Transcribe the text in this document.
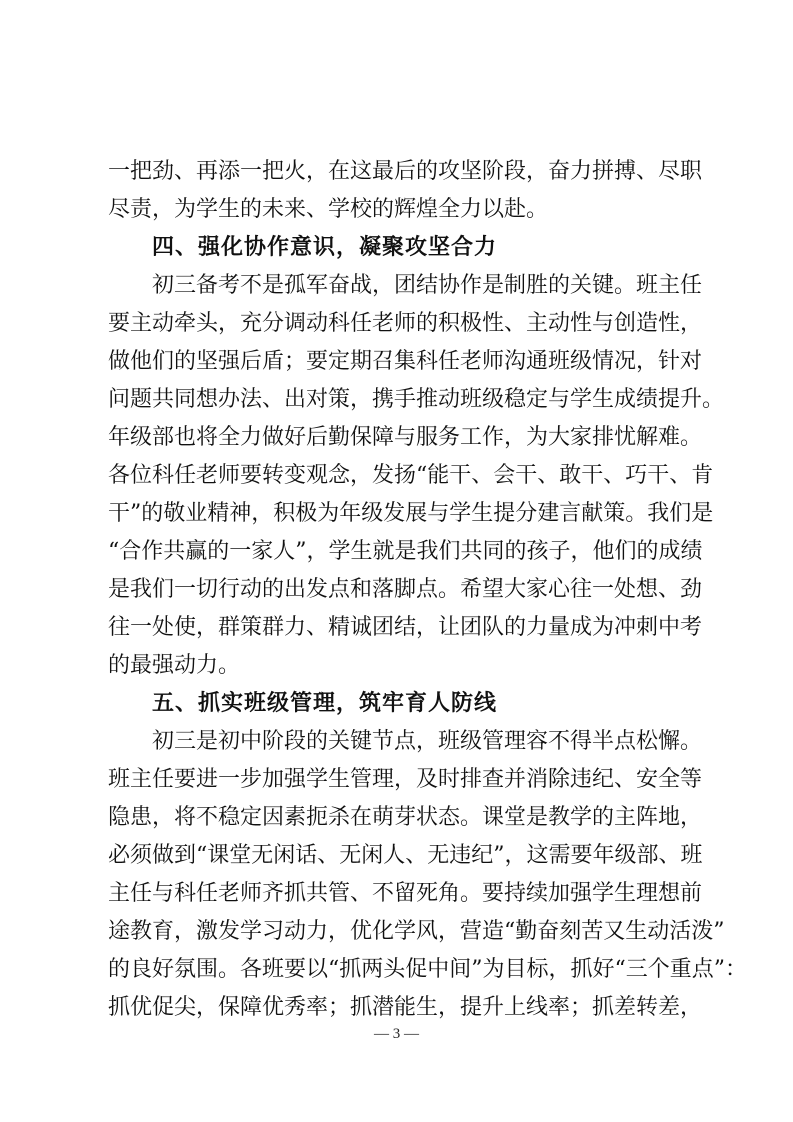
一把劲、再添一把火，在这最后的攻坚阶段，奋力拼搏、尽职
尽责，为学生的未来、学校的辉煌全力以赴。
四、强化协作意识，凝聚攻坚合力
初三备考不是孤军奋战，团结协作是制胜的关键。班主任
要主动牵头，充分调动科任老师的积极性、主动性与创造性，
做他们的坚强后盾；要定期召集科任老师沟通班级情况，针对
问题共同想办法、出对策，携手推动班级稳定与学生成绩提升。
年级部也将全力做好后勤保障与服务工作，为大家排忧解难。
各位科任老师要转变观念，发扬“能干、会干、敢干、巧干、肯
干”的敬业精神，积极为年级发展与学生提分建言献策。我们是
“合作共赢的一家人”，学生就是我们共同的孩子，他们的成绩
是我们一切行动的出发点和落脚点。希望大家心往一处想、劲
往一处使，群策群力、精诚团结，让团队的力量成为冲刺中考
的最强动力。
五、抓实班级管理，筑牢育人防线
初三是初中阶段的关键节点，班级管理容不得半点松懈。
班主任要进一步加强学生管理，及时排查并消除违纪、安全等
隐患，将不稳定因素扼杀在萌芽状态。课堂是教学的主阵地，
必须做到“课堂无闲话、无闲人、无违纪”，这需要年级部、班
主任与科任老师齐抓共管、不留死角。要持续加强学生理想前
途教育，激发学习动力，优化学风，营造“勤奋刻苦又生动活泼”
的良好氛围。各班要以“抓两头促中间”为目标，抓好“三个重点”：
抓优促尖，保障优秀率；抓潜能生，提升上线率；抓差转差，
— 3 —
